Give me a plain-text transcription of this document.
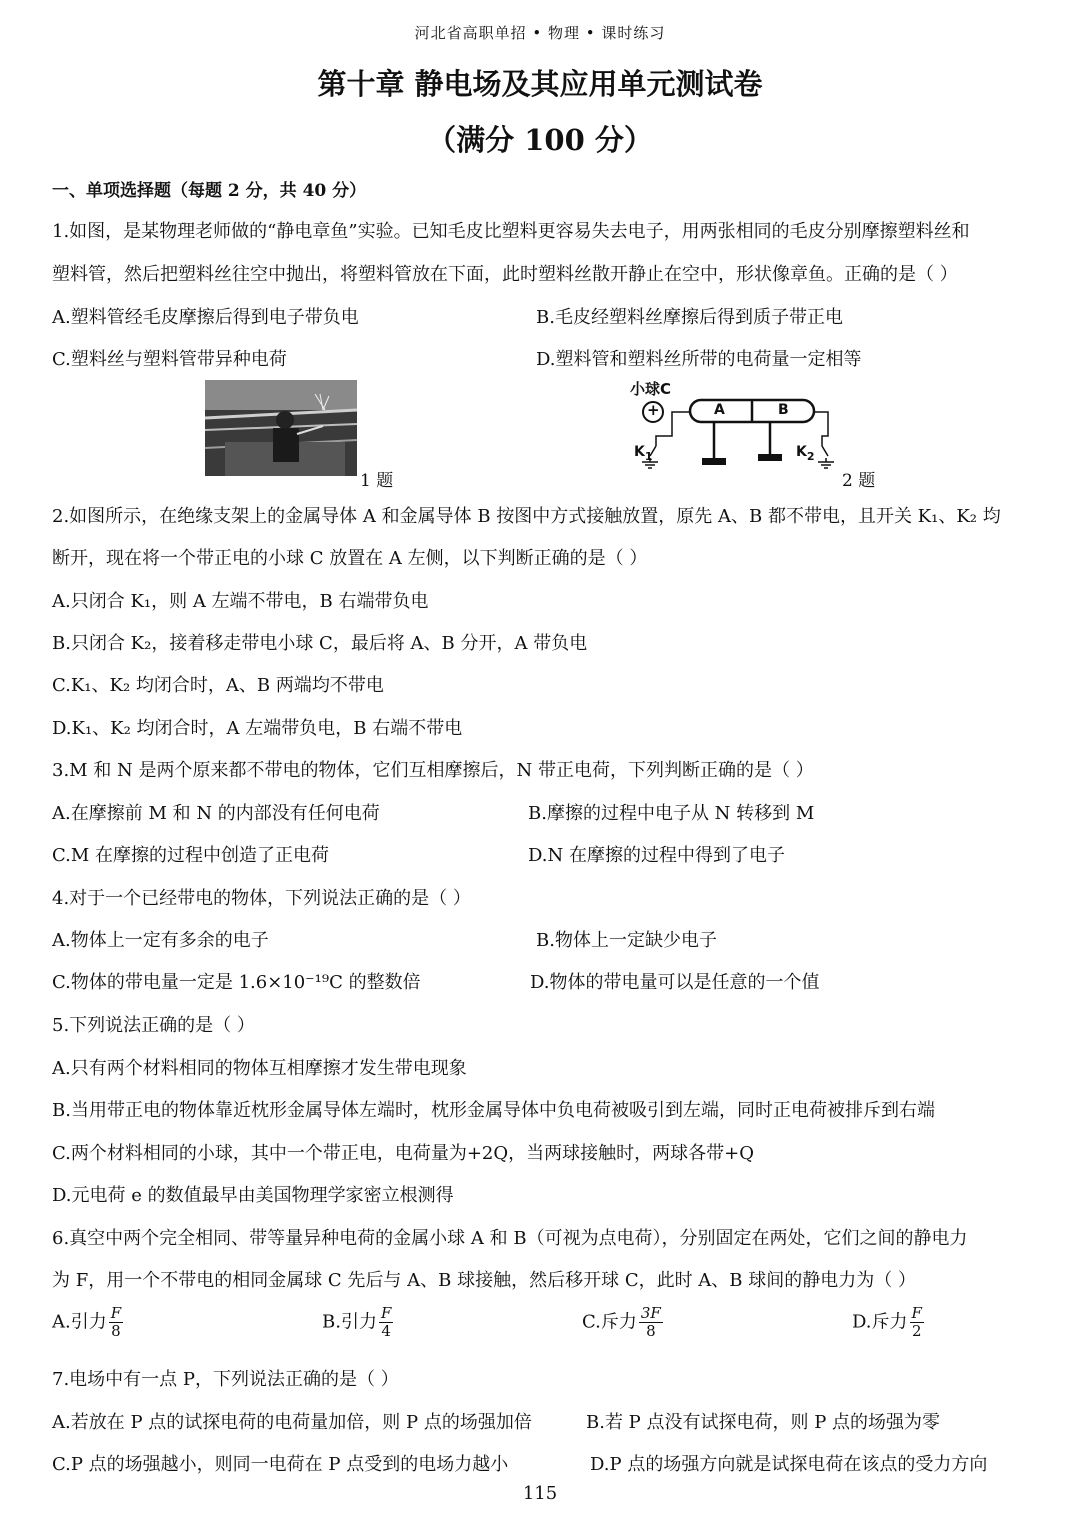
河北省高职单招 • 物理 • 课时练习
第十章 静电场及其应用单元测试卷
（满分 100 分）
一、单项选择题（每题 2 分，共 40 分）
1.如图，是某物理老师做的“静电章鱼”实验。已知毛皮比塑料更容易失去电子，用两张相同的毛皮分别摩擦塑料丝和
塑料管，然后把塑料丝往空中抛出，将塑料管放在下面，此时塑料丝散开静止在空中，形状像章鱼。正确的是（ ）
A.塑料管经毛皮摩擦后得到电子带负电	B.毛皮经塑料丝摩擦后得到质子带正电
C.塑料丝与塑料管带异种电荷	D.塑料管和塑料丝所带的电荷量一定相等
1 题
小球C
+	A	B
$K_1$	$K_2$
2 题
2.如图所示，在绝缘支架上的金属导体 A 和金属导体 B 按图中方式接触放置，原先 A、B 都不带电，且开关 K₁、K₂ 均
断开，现在将一个带正电的小球 C 放置在 A 左侧，以下判断正确的是（ ）
A.只闭合 K₁，则 A 左端不带电，B 右端带负电
B.只闭合 K₂，接着移走带电小球 C，最后将 A、B 分开，A 带负电
C.K₁、K₂ 均闭合时，A、B 两端均不带电
D.K₁、K₂ 均闭合时，A 左端带负电，B 右端不带电
3.M 和 N 是两个原来都不带电的物体，它们互相摩擦后，N 带正电荷，下列判断正确的是（ ）
A.在摩擦前 M 和 N 的内部没有任何电荷	B.摩擦的过程中电子从 N 转移到 M
C.M 在摩擦的过程中创造了正电荷	D.N 在摩擦的过程中得到了电子
4.对于一个已经带电的物体，下列说法正确的是（ ）
A.物体上一定有多余的电子	B.物体上一定缺少电子
C.物体的带电量一定是 1.6×10⁻¹⁹C 的整数倍	D.物体的带电量可以是任意的一个值
5.下列说法正确的是（ ）
A.只有两个材料相同的物体互相摩擦才发生带电现象
B.当用带正电的物体靠近枕形金属导体左端时，枕形金属导体中负电荷被吸引到左端，同时正电荷被排斥到右端
C.两个材料相同的小球，其中一个带正电，电荷量为+2Q，当两球接触时，两球各带+Q
D.元电荷 e 的数值最早由美国物理学家密立根测得
6.真空中两个完全相同、带等量异种电荷的金属小球 A 和 B（可视为点电荷），分别固定在两处，它们之间的静电力
为 F，用一个不带电的相同金属球 C 先后与 A、B 球接触，然后移开球 C，此时 A、B 球间的静电力为（ ）
A.引力 $\frac{F}{8}$	B.引力 $\frac{F}{4}$	C.斥力 $\frac{3F}{8}$	D.斥力 $\frac{F}{2}$
7.电场中有一点 P，下列说法正确的是（ ）
A.若放在 P 点的试探电荷的电荷量加倍，则 P 点的场强加倍	B.若 P 点没有试探电荷，则 P 点的场强为零
C.P 点的场强越小，则同一电荷在 P 点受到的电场力越小	D.P 点的场强方向就是试探电荷在该点的受力方向
115
